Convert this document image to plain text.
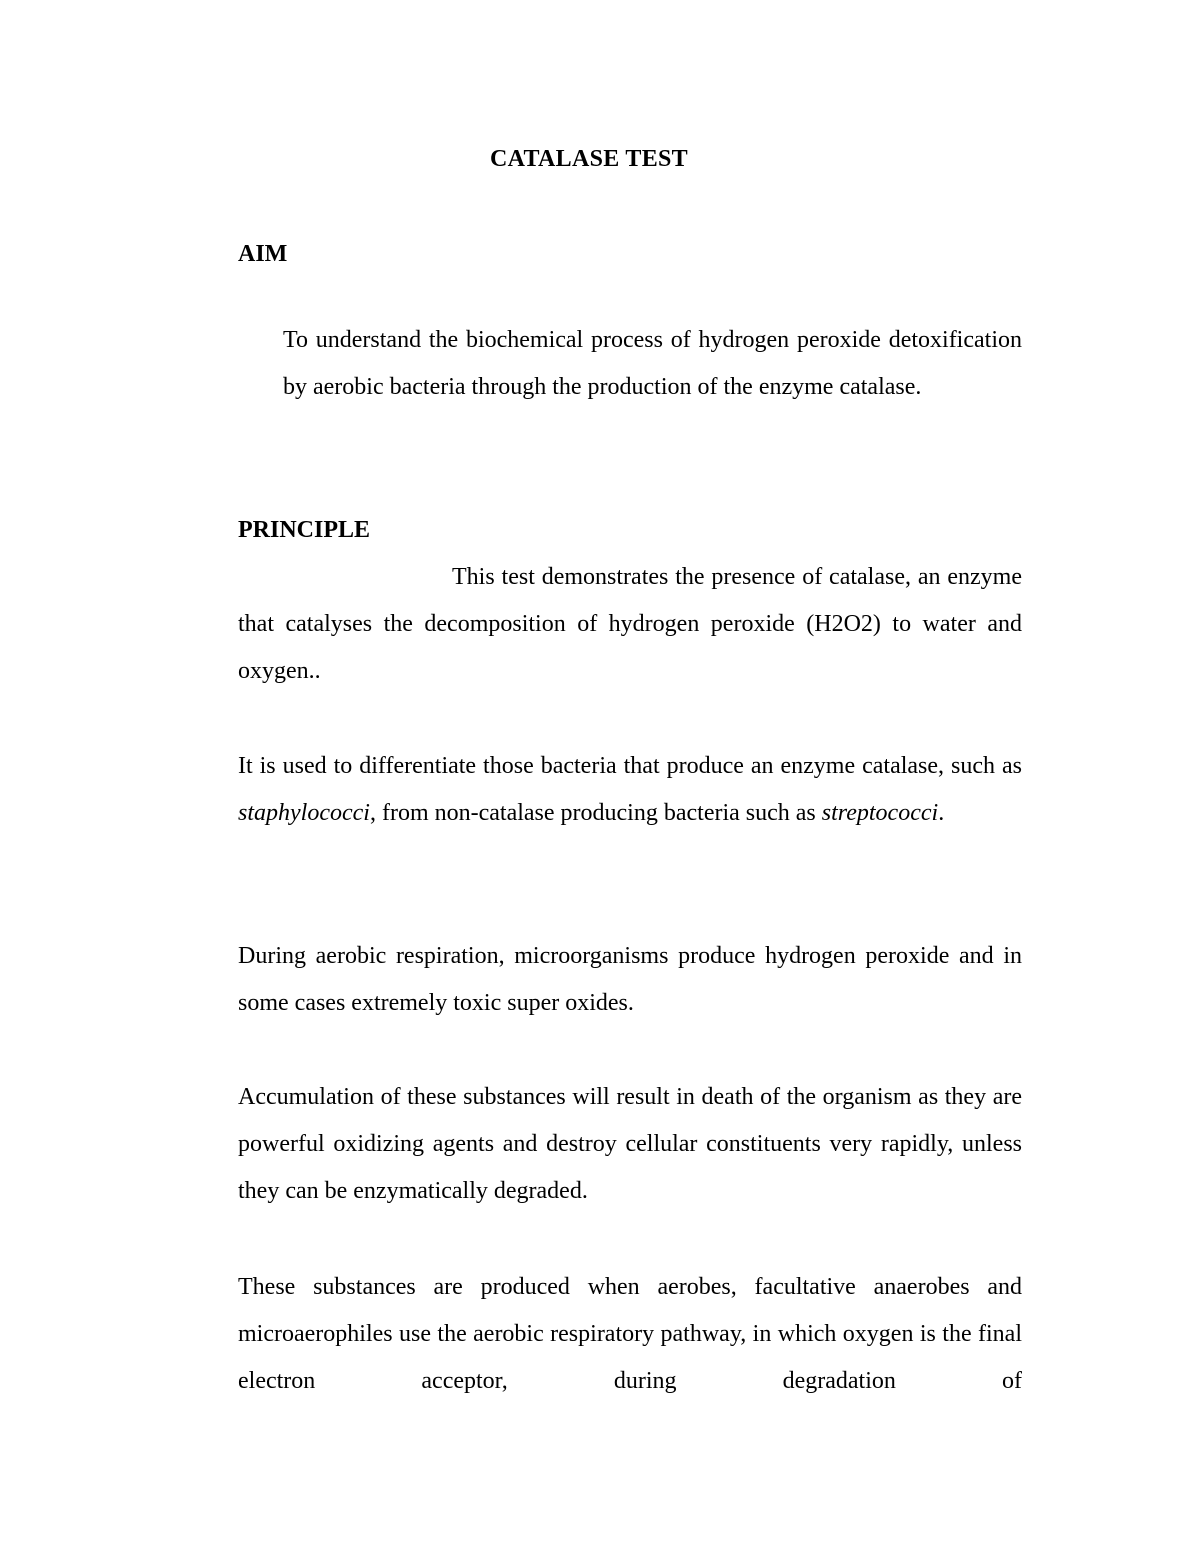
CATALASE TEST
AIM

To understand the biochemical process of hydrogen peroxide detoxification by aerobic bacteria through the production of the enzyme catalase.

PRINCIPLE

This test demonstrates the presence of catalase, an enzyme that catalyses the decomposition of hydrogen peroxide (H2O2) to water and oxygen..

It is used to differentiate those bacteria that produce an enzyme catalase, such as staphylococci, from non-catalase producing bacteria such as streptococci.

During aerobic respiration, microorganisms produce hydrogen peroxide and in some cases extremely toxic super oxides.

Accumulation of these substances will result in death of the organism as they are powerful oxidizing agents and destroy cellular constituents very rapidly, unless they can be enzymatically degraded.

These substances are produced when aerobes, facultative anaerobes and microaerophiles use the aerobic respiratory pathway, in which oxygen is the final electron acceptor, during degradation of
